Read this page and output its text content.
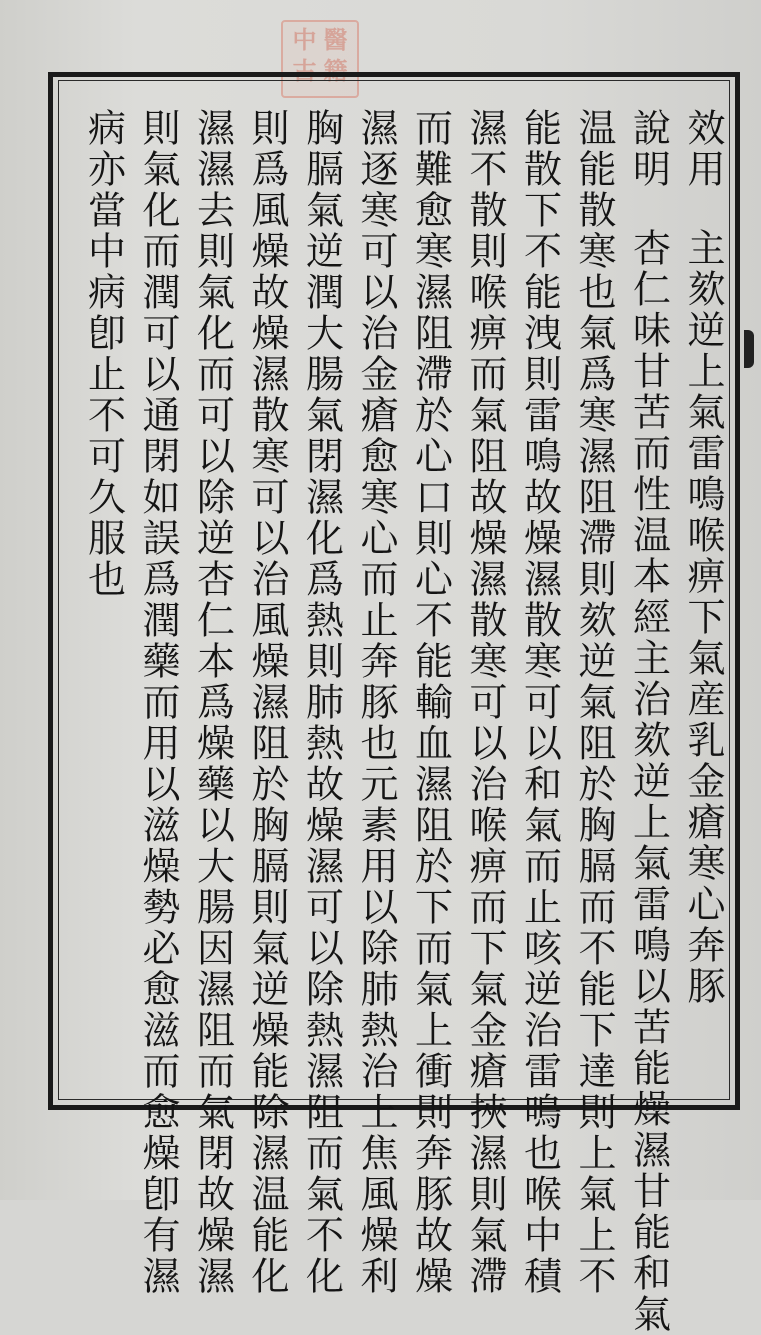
中 醫
古 籍
效用主欬逆上氣雷鳴喉痹下氣産乳金瘡寒心奔豚
說明杏仁味甘苦而性温本經主治欬逆上氣雷鳴以苦能燥濕甘能和氣
温能散寒也氣爲寒濕阻滯則欬逆氣阻於胸膈而不能下達則上氣上不
能散下不能洩則雷鳴故燥濕散寒可以和氣而止咳逆治雷鳴也喉中積
濕不散則喉痹而氣阻故燥濕散寒可以治喉痹而下氣金瘡挾濕則氣滯
而難愈寒濕阻滯於心口則心不能輸血濕阻於下而氣上衝則奔豚故燥
濕逐寒可以治金瘡愈寒心而止奔豚也元素用以除肺熱治上焦風燥利
胸膈氣逆潤大腸氣閉濕化爲熱則肺熱故燥濕可以除熱濕阻而氣不化
則爲風燥故燥濕散寒可以治風燥濕阻於胸膈則氣逆燥能除濕温能化
濕濕去則氣化而可以除逆杏仁本爲燥藥以大腸因濕阻而氣閉故燥濕
則氣化而潤可以通閉如誤爲潤藥而用以滋燥勢必愈滋而愈燥卽有濕
病亦當中病卽止不可久服也
